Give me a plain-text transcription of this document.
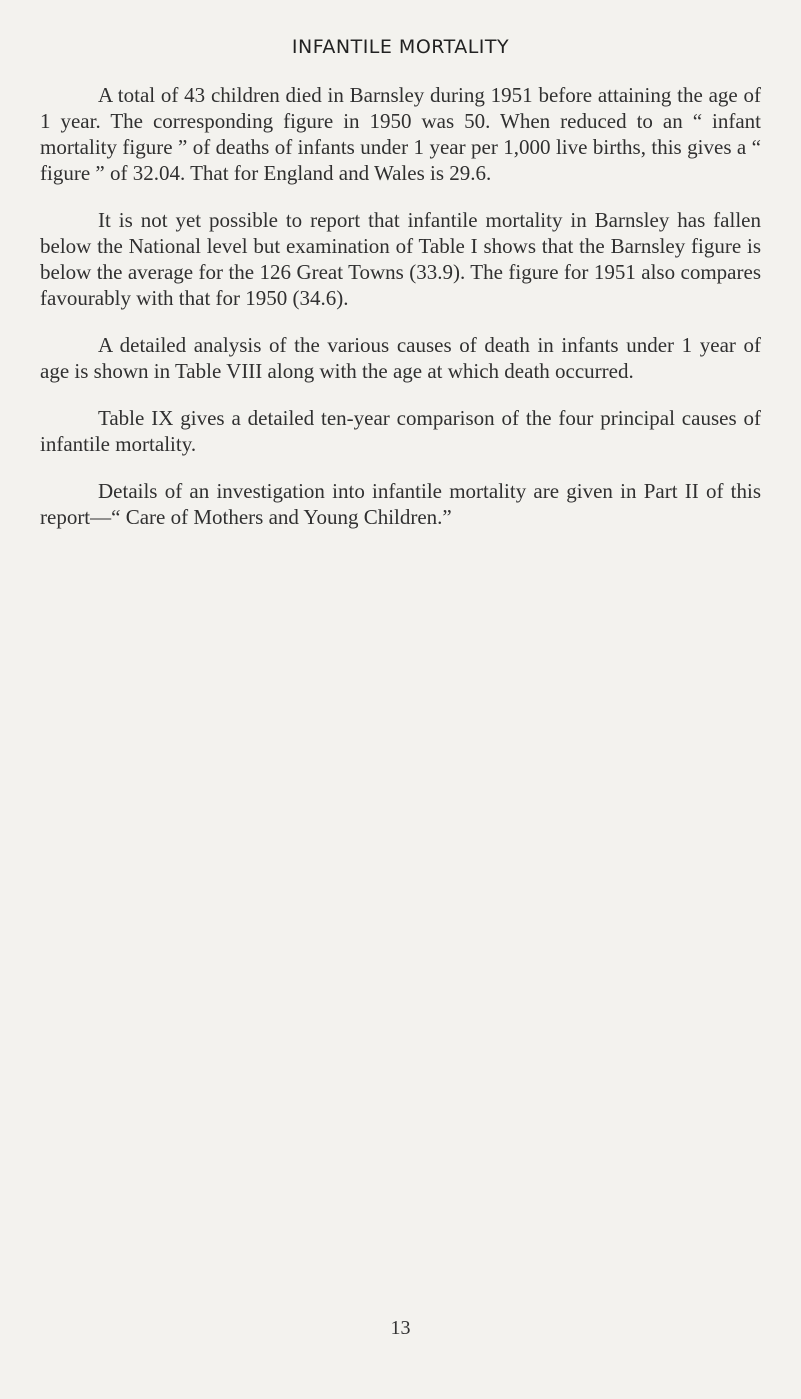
INFANTILE MORTALITY

A total of 43 children died in Barnsley during 1951 before attaining the age of 1 year. The corresponding figure in 1950 was 50. When reduced to an “ infant mortality figure ” of deaths of infants under 1 year per 1,000 live births, this gives a “ figure ” of 32.04. That for England and Wales is 29.6.

It is not yet possible to report that infantile mortality in Barnsley has fallen below the National level but examination of Table I shows that the Barnsley figure is below the average for the 126 Great Towns (33.9). The figure for 1951 also compares favourably with that for 1950 (34.6).

A detailed analysis of the various causes of death in infants under 1 year of age is shown in Table VIII along with the age at which death occurred.

Table IX gives a detailed ten-year comparison of the four principal causes of infantile mortality.

Details of an investigation into infantile mortality are given in Part II of this report—“ Care of Mothers and Young Children.”

13
